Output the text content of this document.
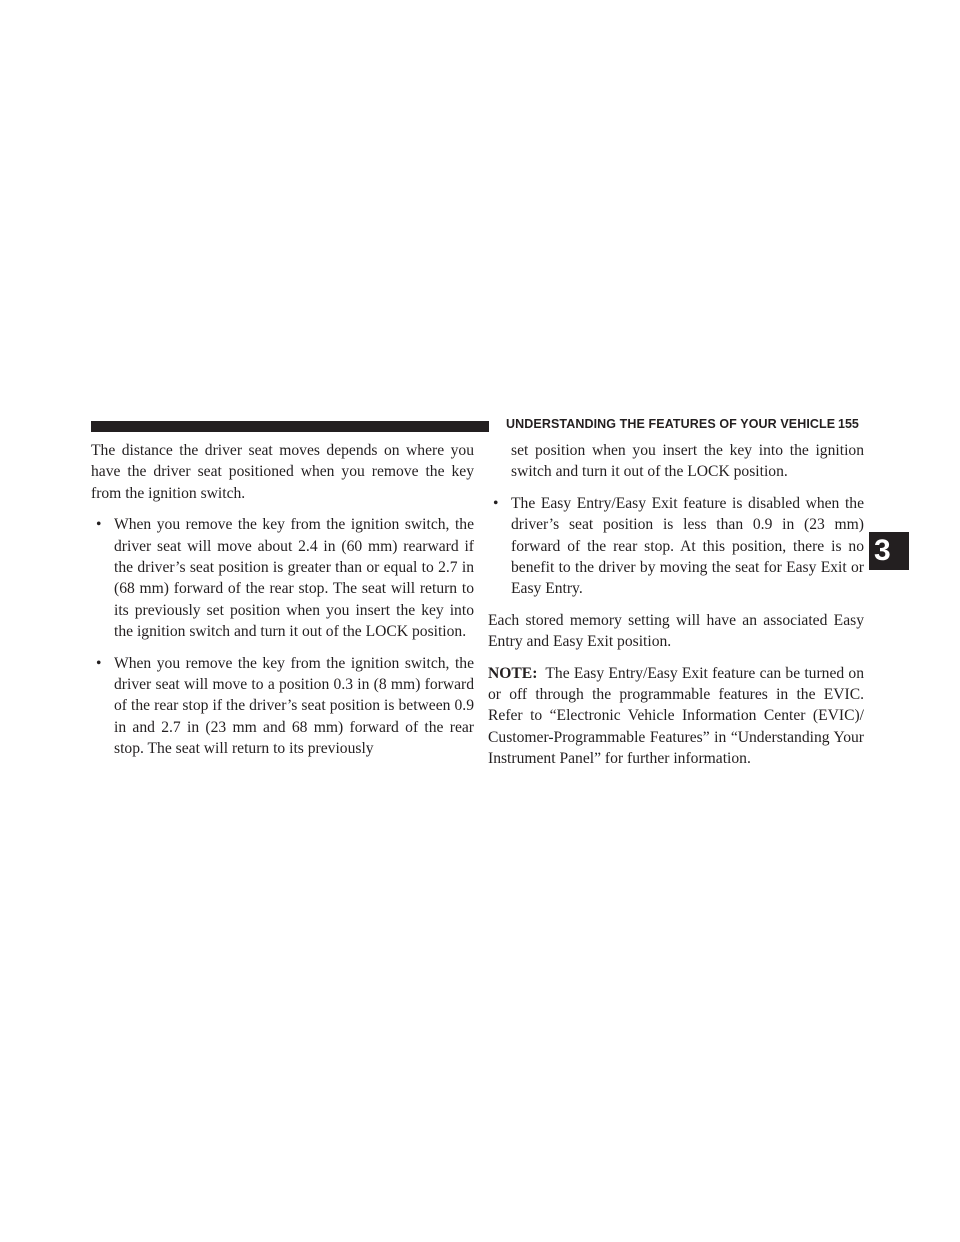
UNDERSTANDING THE FEATURES OF YOUR VEHICLE 155
3

The distance the driver seat moves depends on where you have the driver seat positioned when you remove the key from the ignition switch.

• When you remove the key from the ignition switch, the driver seat will move about 2.4 in (60 mm) rearward if the driver’s seat position is greater than or equal to 2.7 in (68 mm) forward of the rear stop. The seat will return to its previously set position when you insert the key into the ignition switch and turn it out of the LOCK position.
• When you remove the key from the ignition switch, the driver seat will move to a position 0.3 in (8 mm) forward of the rear stop if the driver’s seat position is between 0.9 in and 2.7 in (23 mm and 68 mm) forward of the rear stop. The seat will return to its previously
set position when you insert the key into the ignition switch and turn it out of the LOCK position.
• The Easy Entry/Easy Exit feature is disabled when the driver’s seat position is less than 0.9 in (23 mm) forward of the rear stop. At this position, there is no benefit to the driver by moving the seat for Easy Exit or Easy Entry.

Each stored memory setting will have an associated Easy Entry and Easy Exit position.

NOTE: The Easy Entry/Easy Exit feature can be turned on or off through the programmable features in the EVIC. Refer to “Electronic Vehicle Information Center (EVIC)/ Customer-Programmable Features” in “Understanding Your Instrument Panel” for further information.
